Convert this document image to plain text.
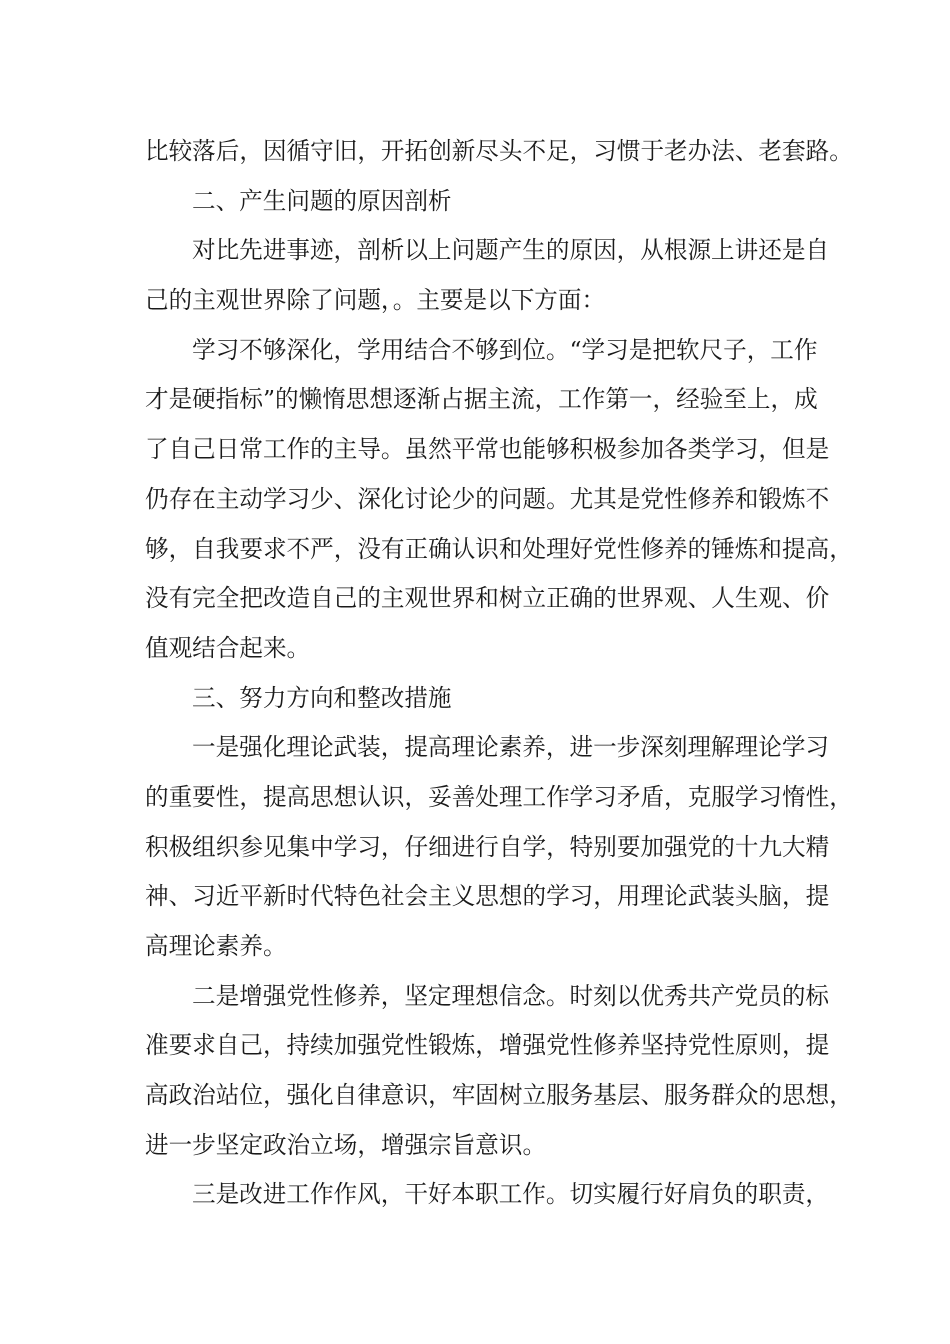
比较落后，因循守旧，开拓创新尽头不足，习惯于老办法、老套路。
二、产生问题的原因剖析
对比先进事迹，剖析以上问题产生的原因，从根源上讲还是自
己的主观世界除了问题，。主要是以下方面：
学习不够深化，学用结合不够到位。“学习是把软尺子，工作
才是硬指标”的懒惰思想逐渐占据主流，工作第一，经验至上，成
了自己日常工作的主导。虽然平常也能够积极参加各类学习，但是
仍存在主动学习少、深化讨论少的问题。尤其是党性修养和锻炼不
够，自我要求不严，没有正确认识和处理好党性修养的锤炼和提高，
没有完全把改造自己的主观世界和树立正确的世界观、人生观、价
值观结合起来。
三、努力方向和整改措施
一是强化理论武装，提高理论素养，进一步深刻理解理论学习
的重要性，提高思想认识，妥善处理工作学习矛盾，克服学习惰性，
积极组织参见集中学习，仔细进行自学，特别要加强党的十九大精
神、习近平新时代特色社会主义思想的学习，用理论武装头脑，提
高理论素养。
二是增强党性修养，坚定理想信念。时刻以优秀共产党员的标
准要求自己，持续加强党性锻炼，增强党性修养坚持党性原则，提
高政治站位，强化自律意识，牢固树立服务基层、服务群众的思想，
进一步坚定政治立场，增强宗旨意识。
三是改进工作作风，干好本职工作。切实履行好肩负的职责，
